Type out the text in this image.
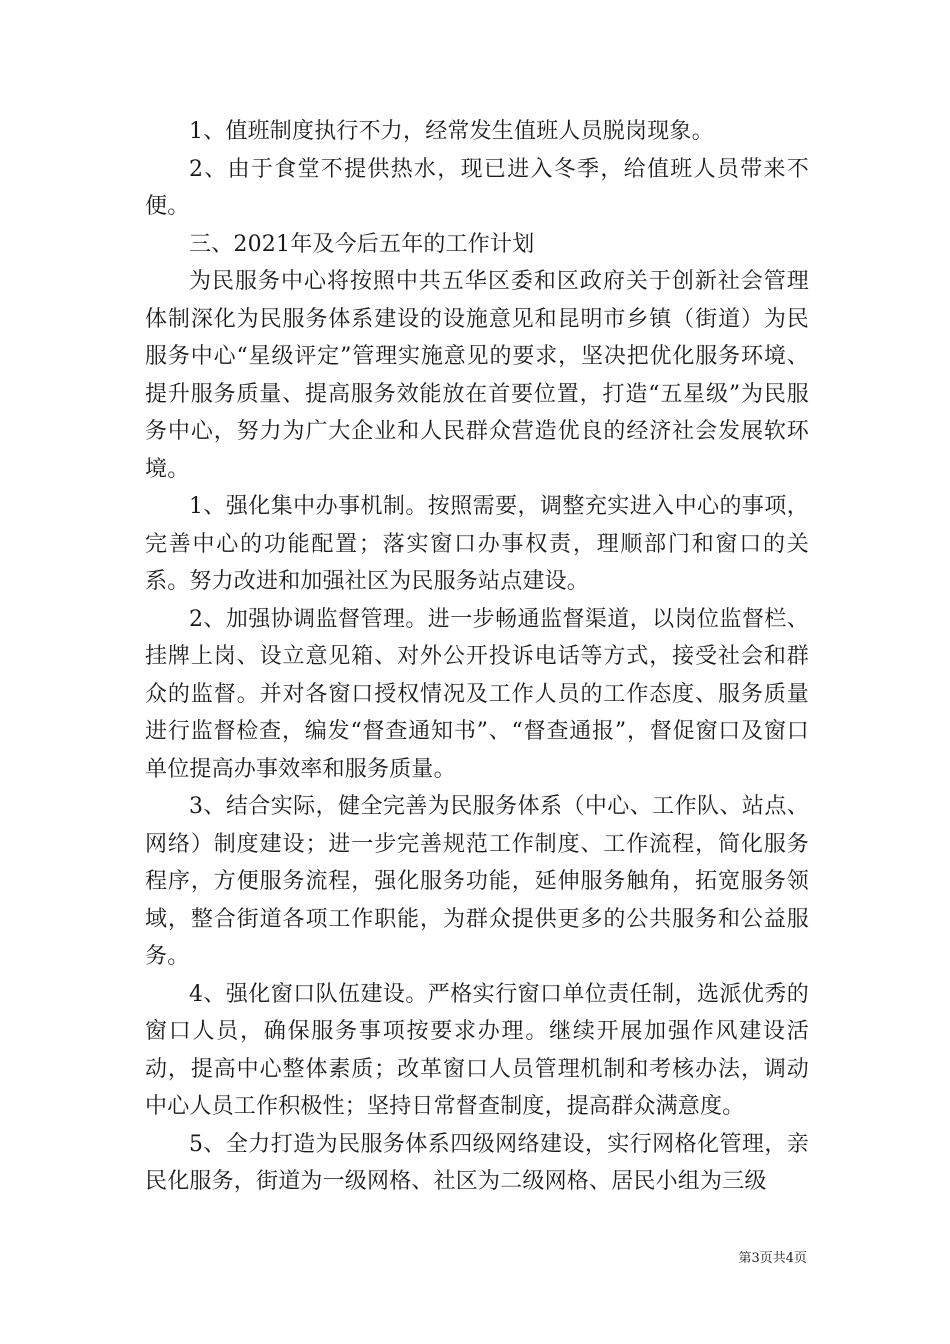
1、值班制度执行不力，经常发生值班人员脱岗现象。

2、由于食堂不提供热水，现已进入冬季，给值班人员带来不便。

三、2021年及今后五年的工作计划

为民服务中心将按照中共五华区委和区政府关于创新社会管理体制深化为民服务体系建设的设施意见和昆明市乡镇（街道）为民服务中心“星级评定”管理实施意见的要求，坚决把优化服务环境、提升服务质量、提高服务效能放在首要位置，打造“五星级”为民服务中心，努力为广大企业和人民群众营造优良的经济社会发展软环境。

1、强化集中办事机制。按照需要，调整充实进入中心的事项，完善中心的功能配置；落实窗口办事权责，理顺部门和窗口的关系。努力改进和加强社区为民服务站点建设。

2、加强协调监督管理。进一步畅通监督渠道，以岗位监督栏、挂牌上岗、设立意见箱、对外公开投诉电话等方式，接受社会和群众的监督。并对各窗口授权情况及工作人员的工作态度、服务质量进行监督检查，编发“督查通知书”、“督查通报”，督促窗口及窗口单位提高办事效率和服务质量。

3、结合实际，健全完善为民服务体系（中心、工作队、站点、网络）制度建设；进一步完善规范工作制度、工作流程，简化服务程序，方便服务流程，强化服务功能，延伸服务触角，拓宽服务领域，整合街道各项工作职能，为群众提供更多的公共服务和公益服务。

4、强化窗口队伍建设。严格实行窗口单位责任制，选派优秀的窗口人员，确保服务事项按要求办理。继续开展加强作风建设活动，提高中心整体素质；改革窗口人员管理机制和考核办法，调动中心人员工作积极性；坚持日常督查制度，提高群众满意度。

5、全力打造为民服务体系四级网络建设，实行网格化管理，亲民化服务，街道为一级网格、社区为二级网格、居民小组为三级

第3页共4页
